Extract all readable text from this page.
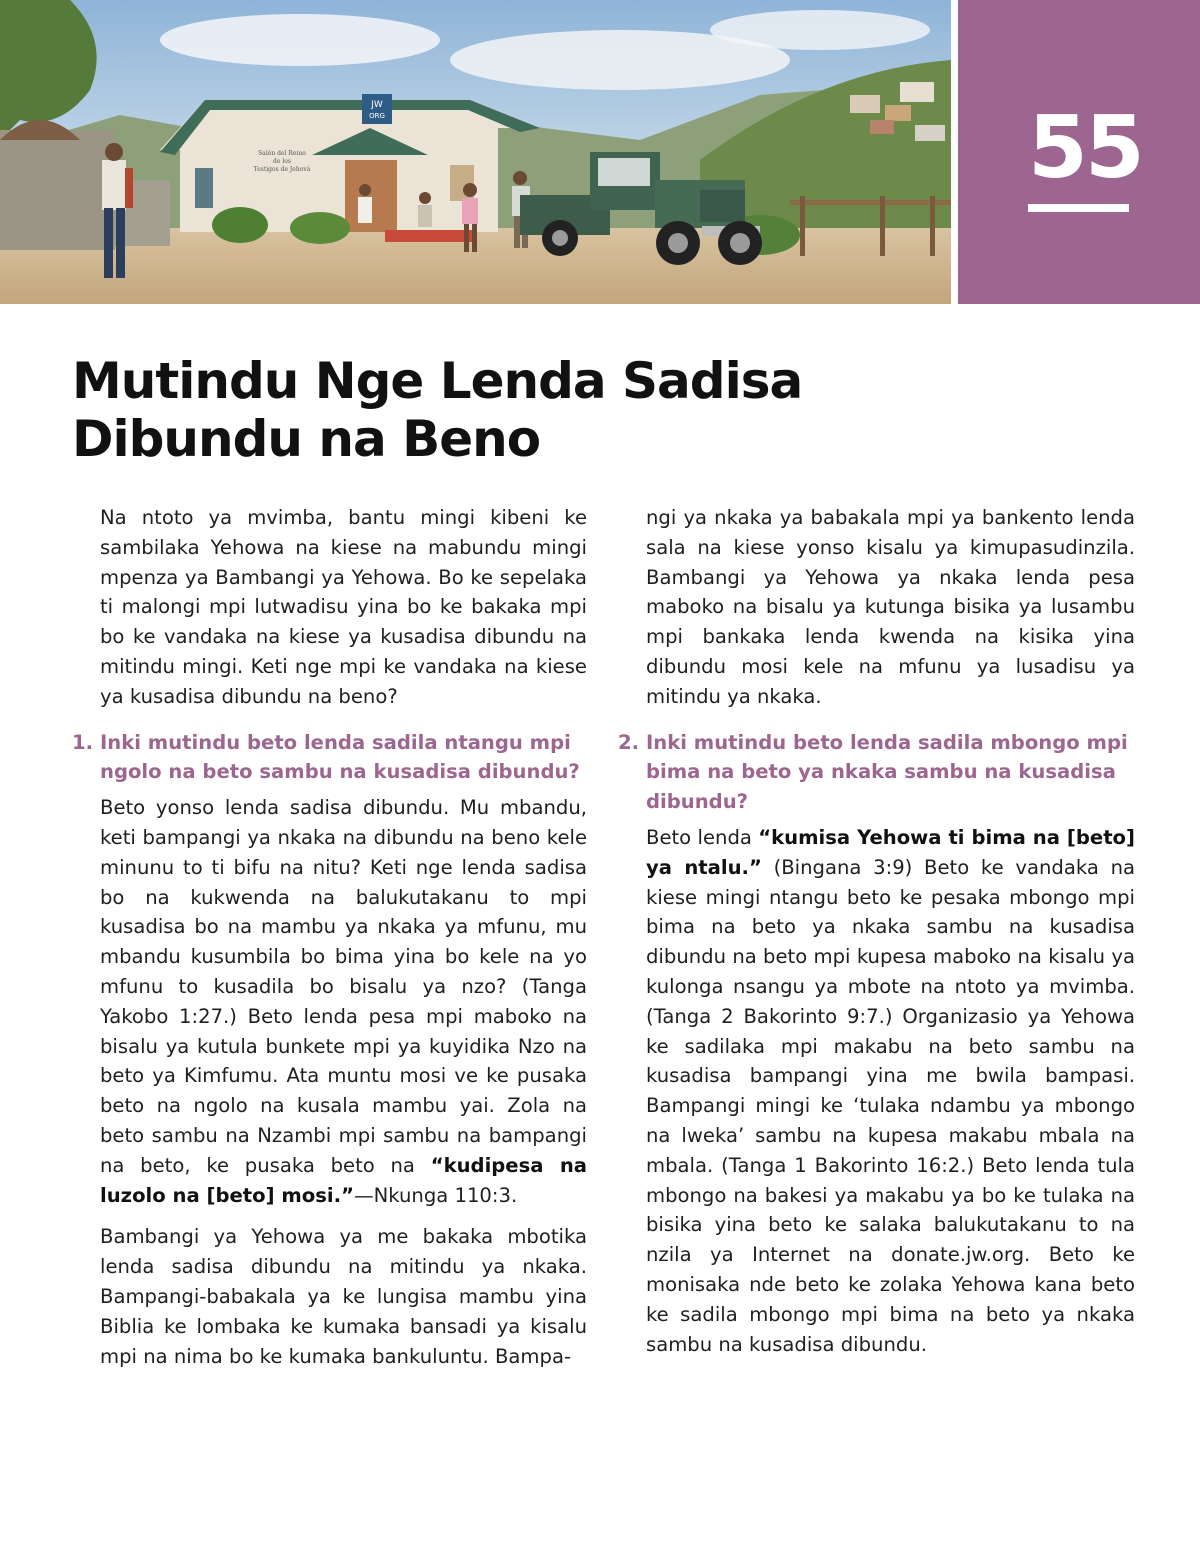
JW
ORG
Salón del Reino
de los
Testigos de Jehová	55
Mutindu Nge Lenda Sadisa
Dibundu na Beno

Na ntoto ya mvimba, bantu mingi kibeni ke sambilaka Yehowa na kiese na mabundu mingi mpenza ya Bambangi ya Yehowa. Bo ke sepelaka ti malongi mpi lutwadisu yina bo ke bakaka mpi bo ke vandaka na kiese ya kusadisa dibundu na mitindu mingi. Keti nge mpi ke vandaka na kiese ya kusadisa dibundu na beno?

1. Inki mutindu beto lenda sadila ntangu mpi ngolo na beto sambu na kusadisa dibundu?

Beto yonso lenda sadisa dibundu. Mu mbandu, keti bampangi ya nkaka na dibundu na beno kele minunu to ti bifu na nitu? Keti nge lenda sadisa bo na kukwenda na balukutakanu to mpi kusadisa bo na mambu ya nkaka ya mfunu, mu mbandu kusumbila bo bima yina bo kele na yo mfunu to kusadila bo bisalu ya nzo? (Tanga Yakobo 1:27.) Beto lenda pesa mpi maboko na bisalu ya kutula bunkete mpi ya kuyidika Nzo na beto ya Kimfumu. Ata muntu mosi ve ke pusaka beto na ngolo na kusala mambu yai. Zola na beto sambu na Nzambi mpi sambu na bampangi na beto, ke pusaka beto na “kudipesa na luzolo na [beto] mosi.”—Nkunga 110:3.

Bambangi ya Yehowa ya me bakaka mbotika lenda sadisa dibundu na mitindu ya nkaka. Bampangi-babakala ya ke lungisa mambu yina Biblia ke lombaka ke kumaka bansadi ya kisalu mpi na nima bo ke kumaka bankuluntu. Bampa-

ngi ya nkaka ya babakala mpi ya bankento lenda sala na kiese yonso kisalu ya kimupasudinzila. Bambangi ya Yehowa ya nkaka lenda pesa maboko na bisalu ya kutunga bisika ya lusambu mpi bankaka lenda kwenda na kisika yina dibundu mosi kele na mfunu ya lusadisu ya mitindu ya nkaka.

2. Inki mutindu beto lenda sadila mbongo mpi bima na beto ya nkaka sambu na kusadisa dibundu?

Beto lenda “kumisa Yehowa ti bima na [beto] ya ntalu.” (Bingana 3:9) Beto ke vandaka na kiese mingi ntangu beto ke pesaka mbongo mpi bima na beto ya nkaka sambu na kusadisa dibundu na beto mpi kupesa maboko na kisalu ya kulonga nsangu ya mbote na ntoto ya mvimba. (Tanga 2 Bakorinto 9:7.) Organizasio ya Yehowa ke sadilaka mpi makabu na beto sambu na kusadisa bampangi yina me bwila bampasi. Bampangi mingi ke ‘tulaka ndambu ya mbongo na lweka’ sambu na kupesa makabu mbala na mbala. (Tanga 1 Bakorinto 16:2.) Beto lenda tula mbongo na bakesi ya makabu ya bo ke tulaka na bisika yina beto ke salaka balukutakanu to na nzila ya Internet na donate.jw.org. Beto ke monisaka nde beto ke zolaka Yehowa kana beto ke sadila mbongo mpi bima na beto ya nkaka sambu na kusadisa dibundu.
